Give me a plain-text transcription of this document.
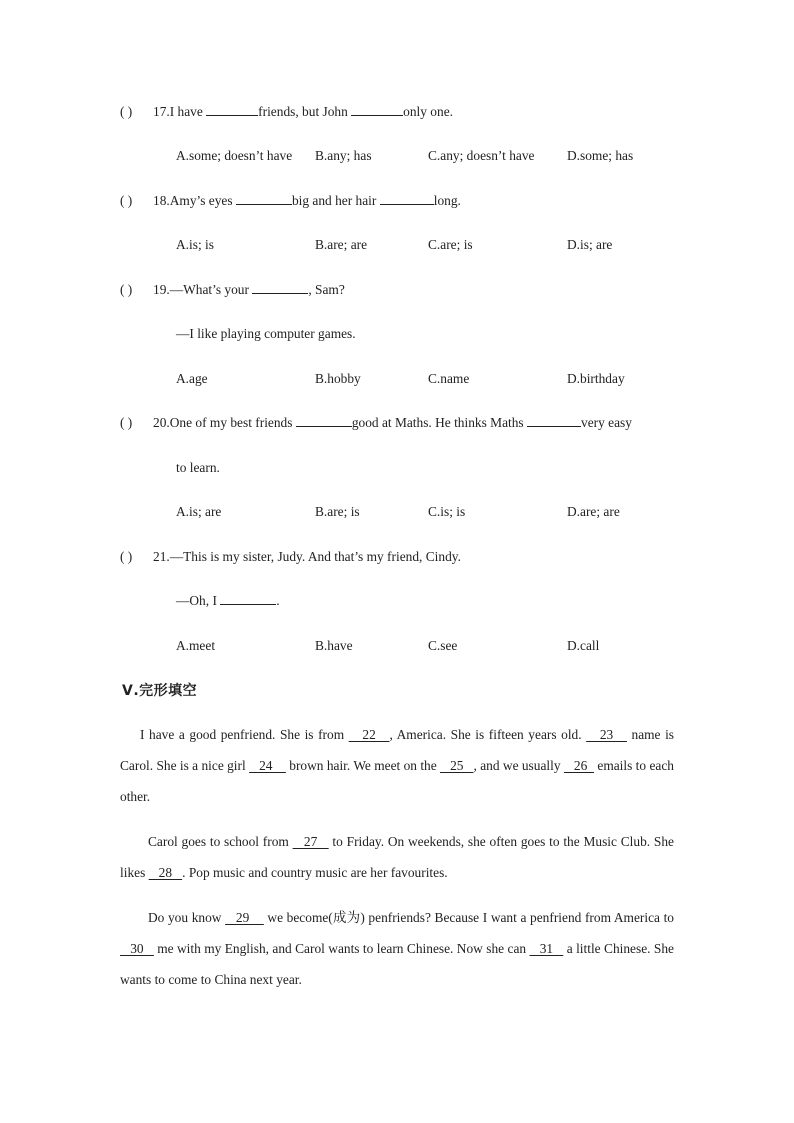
( ) 17.I have	friends, but John	only one.
A.some; doesn’t have B.any; has	C.any; doesn’t have D.some; has
( ) 18.Amy’s eyes	big and her hair	long.
A.is; is	B.are; are	C.are; is	D.is; are
( ) 19.—What’s your	, Sam?
—I like playing computer games.
A.age	B.hobby	C.name	D.birthday
( ) 20.One of my best friends	good at Maths. He thinks Maths	very easy
to learn.
A.is; are	B.are; is	C.is; is	D.are; are
( ) 21.—This is my sister, Judy. And that’s my friend, Cindy.
—Oh, I	.
A.meet	B.have	C.see	D.call
Ⅴ.完形填空
I have a good penfriend. She is from    22   , America. She is fifteen years old.    23    name is Carol. She is a nice girl    24     brown hair. We meet on the    25   , and we usually    26   emails to each other.
Carol goes to school from    27    to Friday. On weekends, she often goes to the Music Club. She likes    28   . Pop music and country music are her favourites.
Do you know    29     we become(成为) penfriends? Because I want a penfriend from America to    30    me with my English, and Carol wants to learn Chinese. Now she can    31    a little Chinese. She wants to come to China next year.
